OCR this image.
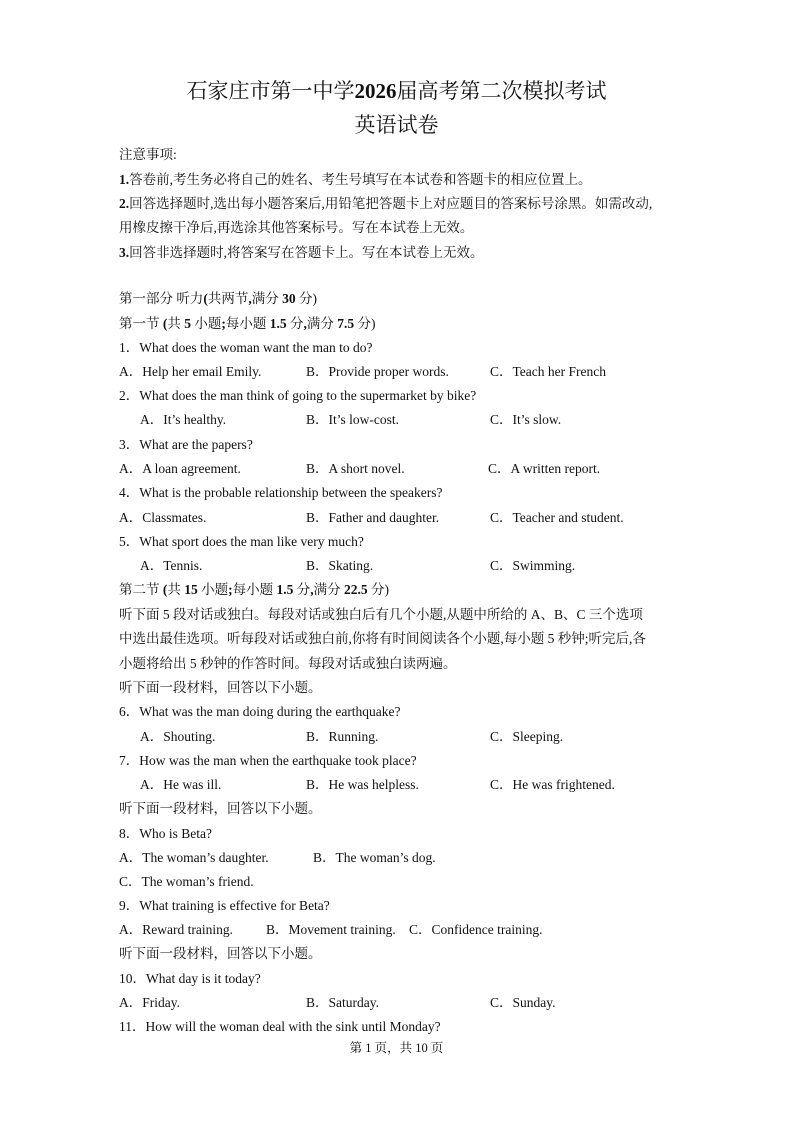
石家庄市第一中学2026届高考第二次模拟考试
英语试卷
注意事项:
1.答卷前,考生务必将自己的姓名、考生号填写在本试卷和答题卡的相应位置上。
2.回答选择题时,选出每小题答案后,用铅笔把答题卡上对应题目的答案标号涂黑。如需改动,
用橡皮擦干净后,再选涂其他答案标号。写在本试卷上无效。
3.回答非选择题时,将答案写在答题卡上。写在本试卷上无效。
第一部分 听力(共两节,满分 30 分)
第一节 (共 5 小题;每小题 1.5 分,满分 7.5 分)
1．What does the woman want the man to do?
A．Help her email Emily.	B．Provide proper words.	C．Teach her French
2．What does the man think of going to the supermarket by bike?
A．It’s healthy.	B．It’s low-cost.	C．It’s slow.
3．What are the papers?
A．A loan agreement.	B．A short novel.	C．A written report.
4．What is the probable relationship between the speakers?
A．Classmates.	B．Father and daughter.	C．Teacher and student.
5．What sport does the man like very much?
A．Tennis.	B．Skating.	C．Swimming.
第二节 (共 15 小题;每小题 1.5 分,满分 22.5 分)
听下面 5 段对话或独白。每段对话或独白后有几个小题,从题中所给的 A、B、C 三个选项
中选出最佳选项。听每段对话或独白前,你将有时间阅读各个小题,每小题 5 秒钟;听完后,各
小题将给出 5 秒钟的作答时间。每段对话或独白读两遍。
听下面一段材料，回答以下小题。
6．What was the man doing during the earthquake?
A．Shouting.	B．Running.	C．Sleeping.
7．How was the man when the earthquake took place?
A．He was ill.	B．He was helpless.	C．He was frightened.
听下面一段材料，回答以下小题。
8．Who is Beta?
A．The woman’s daughter.	B．The woman’s dog.
C．The woman’s friend.
9．What training is effective for Beta?
A．Reward training. B．Movement training. C．Confidence training.
听下面一段材料，回答以下小题。
10．What day is it today?
A．Friday.	B．Saturday.	C．Sunday.
11．How will the woman deal with the sink until Monday?
第 1 页，共 10 页
